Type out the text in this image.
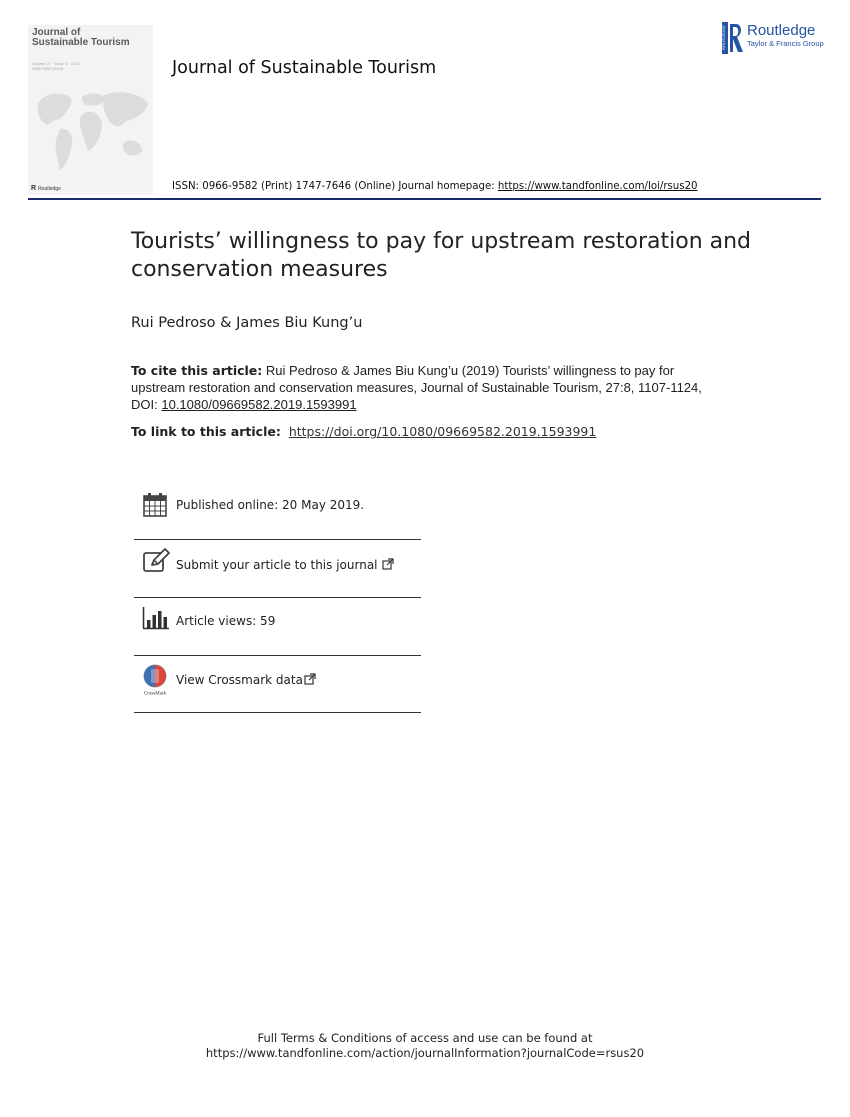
Journal of Sustainable Tourism
Volume 27 · Issue 8 · 2019
0966-9582 (Print)
R Routledge
Journal of Sustainable Tourism
ROUTLEDGE Routledge
Taylor & Francis Group
ISSN: 0966-9582 (Print) 1747-7646 (Online) Journal homepage: https://www.tandfonline.com/loi/rsus20
Tourists’ willingness to pay for upstream restoration and conservation measures
Rui Pedroso & James Biu Kung’u
To cite this article: Rui Pedroso & James Biu Kung’u (2019) Tourists’ willingness to pay for upstream restoration and conservation measures, Journal of Sustainable Tourism, 27:8, 1107-1124, DOI: 10.1080/09669582.2019.1593991
To link to this article: https://doi.org/10.1080/09669582.2019.1593991
Published online: 20 May 2019.
Submit your article to this journal
Article views: 59
CrossMark
View Crossmark data
Full Terms & Conditions of access and use can be found at
https://www.tandfonline.com/action/journalInformation?journalCode=rsus20
